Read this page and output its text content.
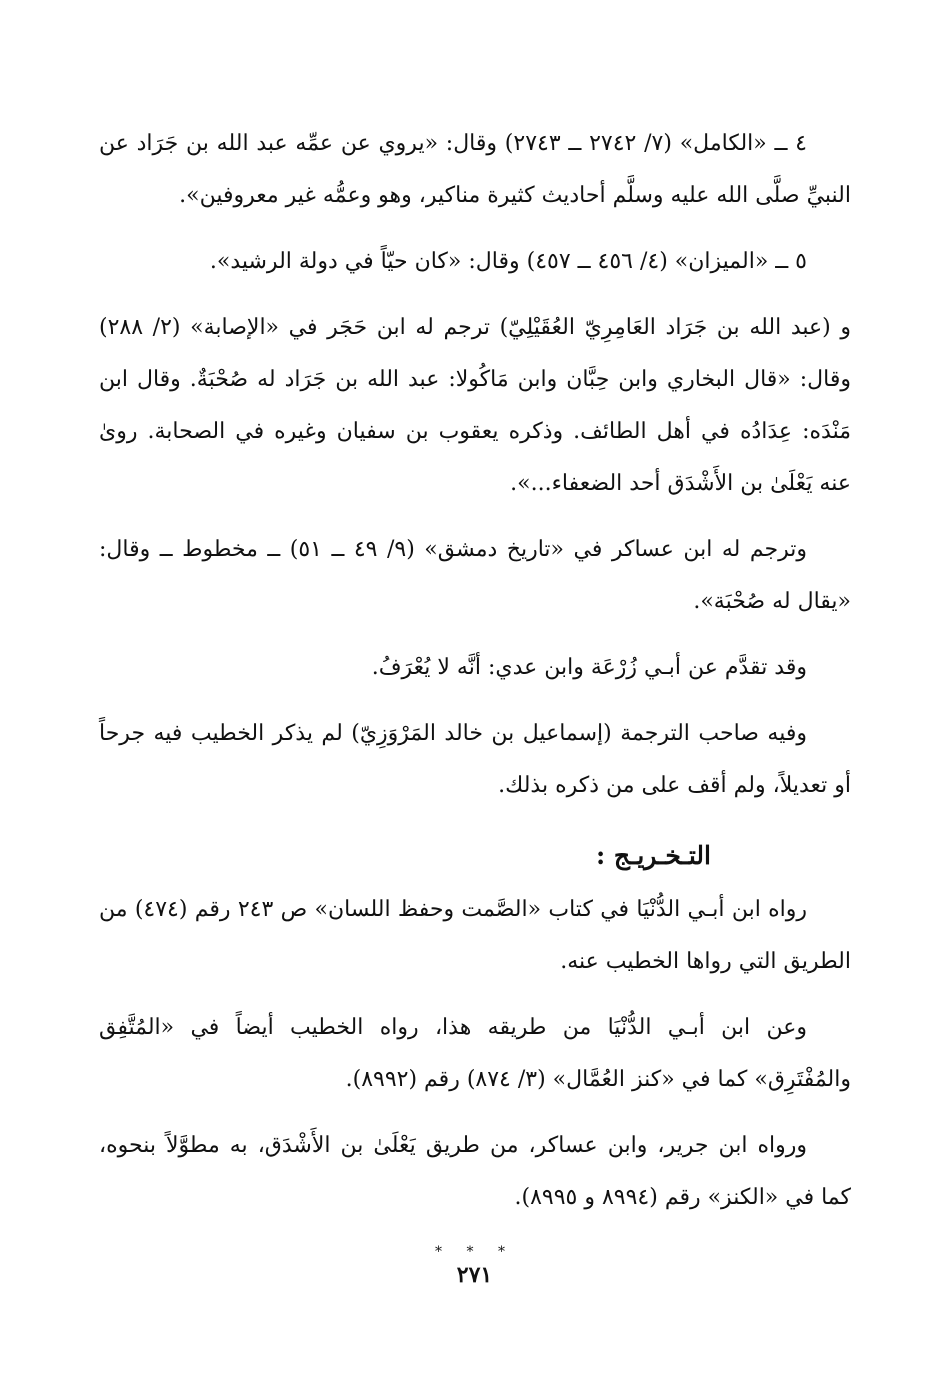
٤ ــ «الكامل» (٧/ ٢٧٤٢ ــ ٢٧٤٣) وقال: «يروي عن عمِّه عبد الله بن جَرَاد عن النبيِّ صلَّى الله عليه وسلَّم أحاديث كثيرة مناكير، وهو وعمُّه غير معروفين».

٥ ــ «الميزان» (٤/ ٤٥٦ ــ ٤٥٧) وقال: «كان حيّاً في دولة الرشيد».

و (عبد الله بن جَرَاد العَامِرِيّ العُقَيْلِيّ) ترجم له ابن حَجَر في «الإصابة» (٢/ ٢٨٨) وقال: «قال البخاري وابن حِبَّان وابن مَاكُولا: عبد الله بن جَرَاد له صُحْبَةٌ. وقال ابن مَنْدَه: عِدَادُه في أهل الطائف. وذكره يعقوب بن سفيان وغيره في الصحابة. روىٰ عنه يَعْلَىٰ بن الأَشْدَق أحد الضعفاء...».

وترجم له ابن عساكر في «تاريخ دمشق» (٩/ ٤٩ ــ ٥١) ــ مخطوط ــ وقال: «يقال له صُحْبَة».

وقد تقدَّم عن أبـي زُرْعَة وابن عدي: أنَّه لا يُعْرَفُ.

وفيه صاحب الترجمة (إسماعيل بن خالد المَرْوَزِيّ) لم يذكر الخطيب فيه جرحاً أو تعديلاً، ولم أقف على من ذكره بذلك.

التـخـريـج :

رواه ابن أبـي الدُّنْيَا في كتاب «الصَّمت وحفظ اللسان» ص ٢٤٣ رقم (٤٧٤) من الطريق التي رواها الخطيب عنه.

وعن ابن أبـي الدُّنْيَا من طريقه هذا، رواه الخطيب أيضاً في «المُتَّفِق والمُفْتَرِق» كما في «كنز العُمَّال» (٣/ ٨٧٤) رقم (٨٩٩٢).

ورواه ابن جرير، وابن عساكر، من طريق يَعْلَىٰ بن الأَشْدَق، به مطوَّلاً بنحوه، كما في «الكنز» رقم (٨٩٩٤ و ٨٩٩٥).

* * *
٢٧١
